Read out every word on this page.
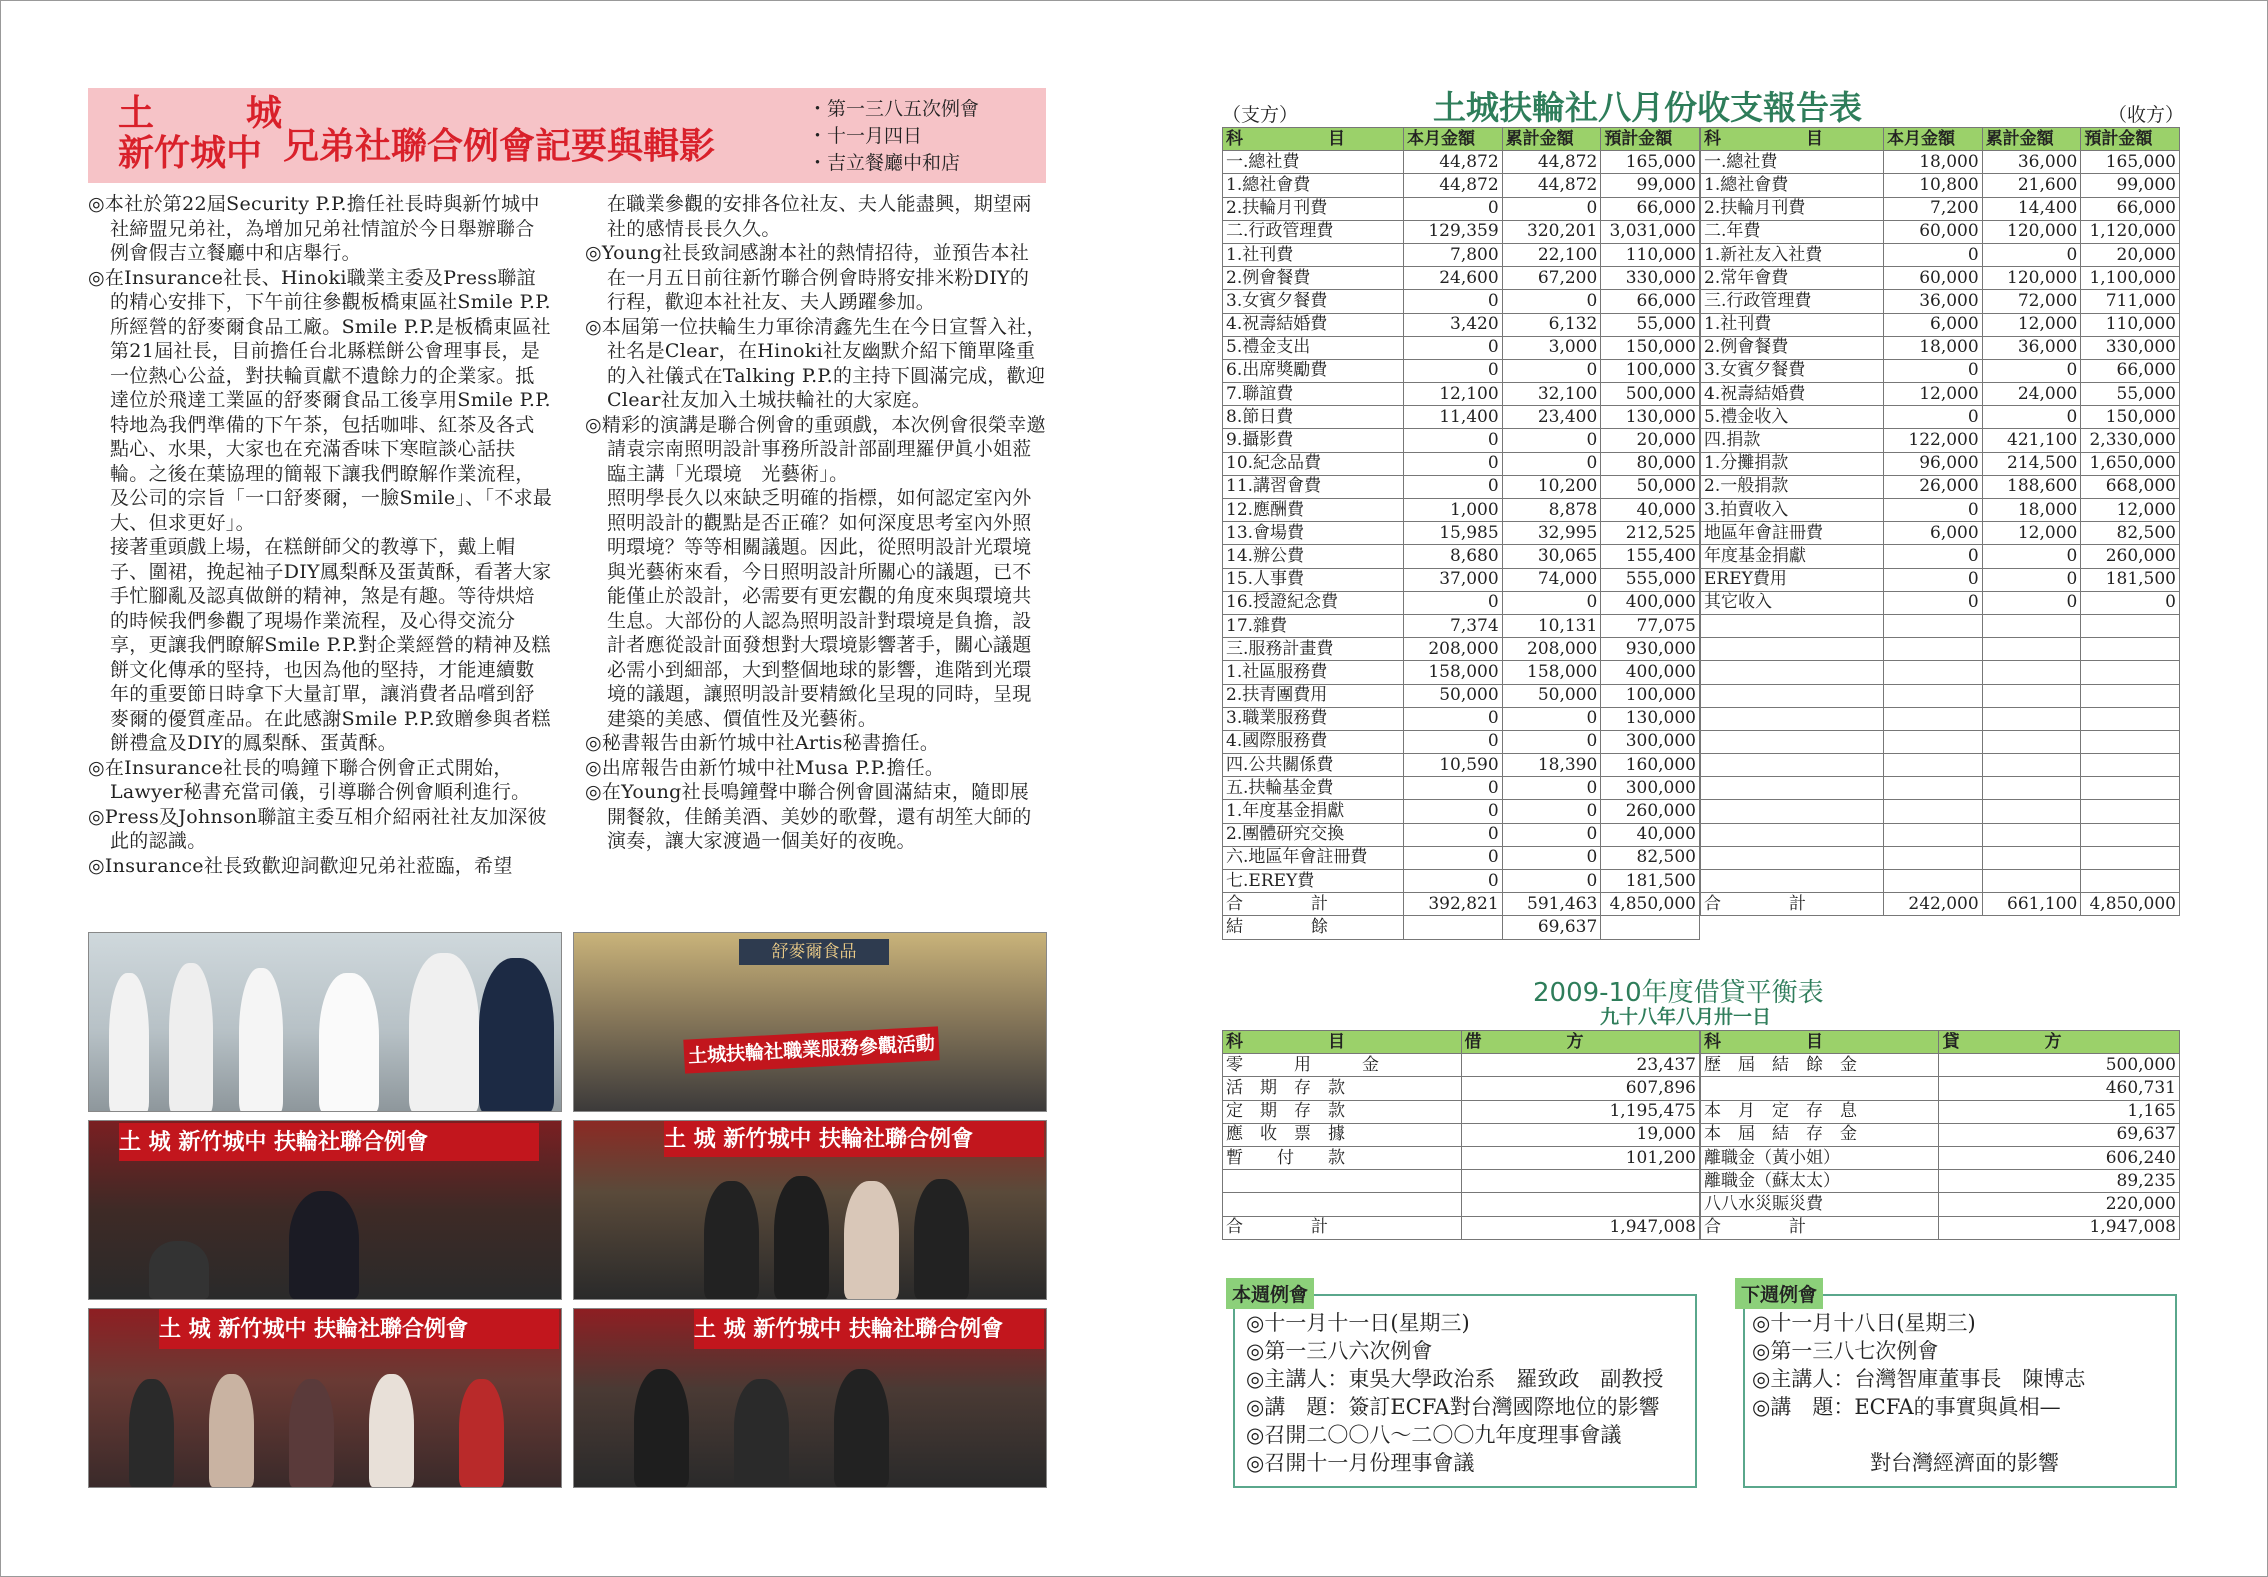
土	城
新竹城中 兄弟社聯合例會記要與輯影
・ 第一三八五次例會
・ 十一月四日
・ 吉立餐廳中和店

◎本社於第22屆Security P.P.擔任社長時與新竹城中社締盟兄弟社，為增加兄弟社情誼於今日舉辦聯合例會假吉立餐廳中和店舉行。

◎在Insurance社長、Hinoki職業主委及Press聯誼的精心安排下，下午前往參觀板橋東區社Smile P.P.所經營的舒麥爾食品工廠。Smile P.P.是板橋東區社第21屆社長，目前擔任台北縣糕餅公會理事長，是一位熱心公益，對扶輪貢獻不遺餘力的企業家。抵達位於飛達工業區的舒麥爾食品工後享用Smile P.P.特地為我們準備的下午茶，包括咖啡、紅茶及各式點心、水果，大家也在充滿香味下寒暄談心話扶輪。之後在葉協理的簡報下讓我們瞭解作業流程，及公司的宗旨「一口舒麥爾，一臉Smile」、「不求最大、但求更好」。

接著重頭戲上場，在糕餅師父的教導下，戴上帽子、圍裙，挽起袖子DIY鳳梨酥及蛋黃酥，看著大家手忙腳亂及認真做餅的精神，煞是有趣。等待烘焙的時候我們參觀了現場作業流程，及心得交流分享，更讓我們瞭解Smile P.P.對企業經營的精神及糕餅文化傳承的堅持，也因為他的堅持，才能連續數年的重要節日時拿下大量訂單，讓消費者品嚐到舒麥爾的優質產品。在此感謝Smile P.P.致贈參與者糕餅禮盒及DIY的鳳梨酥、蛋黃酥。

◎在Insurance社長的鳴鐘下聯合例會正式開始，Lawyer秘書充當司儀，引導聯合例會順利進行。

◎Press及Johnson聯誼主委互相介紹兩社社友加深彼此的認識。

◎Insurance社長致歡迎詞歡迎兄弟社蒞臨，希望

在職業參觀的安排各位社友、夫人能盡興，期望兩社的感情長長久久。

◎Young社長致詞感謝本社的熱情招待，並預告本社在一月五日前往新竹聯合例會時將安排米粉DIY的行程，歡迎本社社友、夫人踴躍參加。

◎本屆第一位扶輪生力軍徐清鑫先生在今日宣誓入社，社名是Clear，在Hinoki社友幽默介紹下簡單隆重的入社儀式在Talking P.P.的主持下圓滿完成，歡迎Clear社友加入土城扶輪社的大家庭。

◎精彩的演講是聯合例會的重頭戲，本次例會很榮幸邀請袁宗南照明設計事務所設計部副理羅伊眞小姐蒞臨主講「光環境　光藝術」。

照明學長久以來缺乏明確的指標，如何認定室內外照明設計的觀點是否正確？如何深度思考室內外照明環境？等等相關議題。因此，從照明設計光環境與光藝術來看，今日照明設計所關心的議題，已不能僅止於設計，必需要有更宏觀的角度來與環境共生息。大部份的人認為照明設計對環境是負擔，設計者應從設計面發想對大環境影響著手，關心議題必需小到細部，大到整個地球的影響，進階到光環境的議題，讓照明設計要精緻化呈現的同時，呈現建築的美感、價值性及光藝術。

◎秘書報告由新竹城中社Artis秘書擔任。

◎出席報告由新竹城中社Musa P.P.擔任。

◎在Young社長鳴鐘聲中聯合例會圓滿結束，隨即展開餐敘，佳餚美酒、美妙的歌聲，還有胡笙大師的演奏，讓大家渡過一個美好的夜晚。

舒麥爾食品
土城扶輪社職業服務參觀活動
土 城 新竹城中 扶輪社聯合例會	土 城 新竹城中 扶輪社聯合例會
土 城 新竹城中 扶輪社聯合例會	土 城 新竹城中 扶輪社聯合例會
土城扶輪社八月份收支報告表
（支方）	（收方）
科　　　　　目	本月金額	累計金額	預計金額
一.總社費	44,872	44,872	165,000
1.總社會費	44,872	44,872	99,000
2.扶輪月刊費	0	0	66,000
二.行政管理費	129,359	320,201	3,031,000
1.社刊費	7,800	22,100	110,000
2.例會餐費	24,600	67,200	330,000
3.女賓夕餐費	0	0	66,000
4.祝壽結婚費	3,420	6,132	55,000
5.禮金支出	0	3,000	150,000
6.出席獎勵費	0	0	100,000
7.聯誼費	12,100	32,100	500,000
8.節日費	11,400	23,400	130,000
9.攝影費	0	0	20,000
10.紀念品費	0	0	80,000
11.講習會費	0	10,200	50,000
12.應酬費	1,000	8,878	40,000
13.會場費	15,985	32,995	212,525
14.辦公費	8,680	30,065	155,400
15.人事費	37,000	74,000	555,000
16.授證紀念費	0	0	400,000
17.雜費	7,374	10,131	77,075
三.服務計畫費	208,000	208,000	930,000
1.社區服務費	158,000	158,000	400,000
2.扶青團費用	50,000	50,000	100,000
3.職業服務費	0	0	130,000
4.國際服務費	0	0	300,000
四.公共關係費	10,590	18,390	160,000
五.扶輪基金費	0	0	300,000
1.年度基金捐獻	0	0	260,000
2.團體研究交換	0	0	40,000
六.地區年會註冊費	0	0	82,500
七.EREY費	0	0	181,500
合　　　　計	392,821	591,463	4,850,000
結　　　　餘		69,637	
科　　　　　目	本月金額	累計金額	預計金額
一.總社費	18,000	36,000	165,000
1.總社會費	10,800	21,600	99,000
2.扶輪月刊費	7,200	14,400	66,000
二.年費	60,000	120,000	1,120,000
1.新社友入社費	0	0	20,000
2.常年會費	60,000	120,000	1,100,000
三.行政管理費	36,000	72,000	711,000
1.社刊費	6,000	12,000	110,000
2.例會餐費	18,000	36,000	330,000
3.女賓夕餐費	0	0	66,000
4.祝壽結婚費	12,000	24,000	55,000
5.禮金收入	0	0	150,000
四.捐款	122,000	421,100	2,330,000
1.分攤捐款	96,000	214,500	1,650,000
2.一般捐款	26,000	188,600	668,000
3.拍賣收入	0	18,000	12,000
地區年會註冊費	6,000	12,000	82,500
年度基金捐獻	0	0	260,000
EREY費用	0	0	181,500
其它收入	0	0	0

合　　　　計	242,000	661,100	4,850,000
2009-10年度借貸平衡表
九十八年八月卅一日
科　　　　　目	借　　　　　方
零　　　用　　　金	23,437
活　期　存　款	607,896
定　期　存　款	1,195,475
應　收　票　據	19,000
暫　　付　　款	101,200

合　　　　計	1,947,008
科　　　　　目	貸　　　　　方
歷　屆　結　餘　金	500,000
	460,731
本　月　定　存　息	1,165
本　屆　結　存　金	69,637
離職金（黃小姐）	606,240
離職金（蘇太太）	89,235
八八水災賑災費	220,000
合　　　　計	1,947,008
本週例會
◎ 十一月十一日(星期三)
◎ 第一三八六次例會
◎ 主講人：東吳大學政治系　羅致政　副教授
◎ 講　題：簽訂ECFA對台灣國際地位的影響
◎ 召開二〇〇八～二〇〇九年度理事會議
◎ 召開十一月份理事會議
下週例會
◎ 十一月十八日(星期三)
◎ 第一三八七次例會
◎ 主講人：台灣智庫董事長　陳博志
◎ 講　題：ECFA的事實與眞相—
對台灣經濟面的影響
